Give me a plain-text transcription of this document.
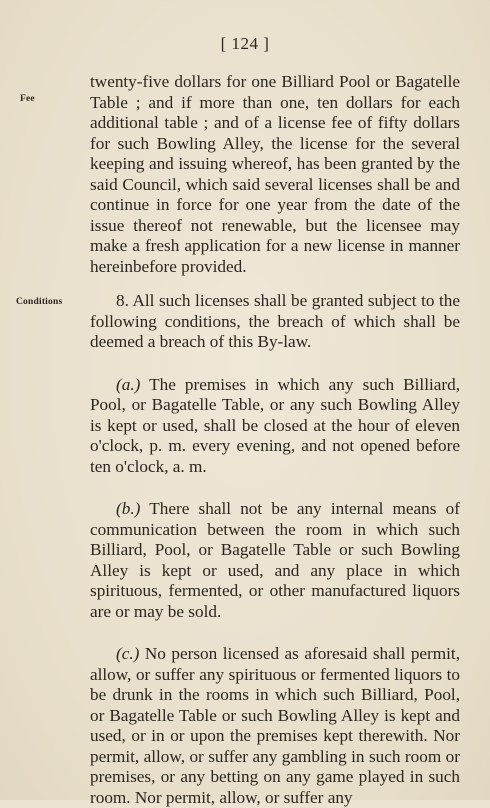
[ 124 ]
Fee
Conditions

twenty-five dollars for one Billiard Pool or Bagatelle Table ; and if more than one, ten dollars for each additional table ; and of a license fee of fifty dollars for such Bowling Alley, the license for the several keeping and issuing whereof, has been granted by the said Council, which said several licenses shall be and continue in force for one year from the date of the issue thereof not renewable, but the licensee may make a fresh application for a new license in manner hereinbefore provided.

8. All such licenses shall be granted subject to the following conditions, the breach of which shall be deemed a breach of this By-law.

(a.) The premises in which any such Billiard, Pool, or Bagatelle Table, or any such Bowling Alley is kept or used, shall be closed at the hour of eleven o'clock, p. m. every evening, and not opened before ten o'clock, a. m.

(b.) There shall not be any internal means of communication between the room in which such Billiard, Pool, or Bagatelle Table or such Bowling Alley is kept or used, and any place in which spirituous, fermented, or other manufactured liquors are or may be sold.

(c.) No person licensed as aforesaid shall permit, allow, or suffer any spirituous or fermented liquors to be drunk in the rooms in which such Billiard, Pool, or Bagatelle Table or such Bowling Alley is kept and used, or in or upon the premises kept therewith. Nor permit, allow, or suffer any gambling in such room or premises, or any betting on any game played in such room. Nor permit, allow, or suffer any
